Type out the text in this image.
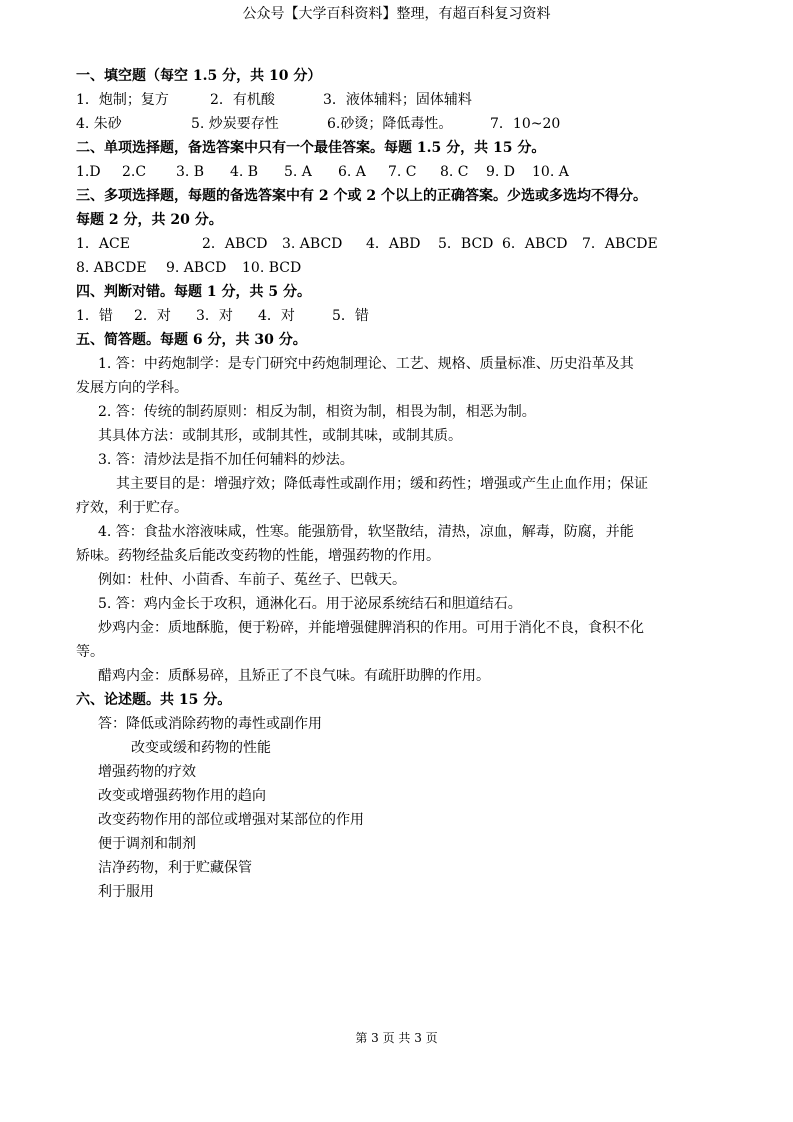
公众号【大学百科资料】整理，有超百科复习资料
一、填空题（每空 1.5 分，共 10 分）
1．炮制；复方	2．有机酸	3．液体辅料；固体辅料
4. 朱砂	5. 炒炭要存性	6.砂烫；降低毒性。	7．10~20
二、单项选择题，备选答案中只有一个最佳答案。每题 1.5 分，共 15 分。
1.D 2.C 3. B 4. B 5. A 6. A 7. C 8. C 9. D 10. A
三、多项选择题，每题的备选答案中有 2 个或 2 个以上的正确答案。少选或多选均不得分。
每题 2 分，共 20 分。
1．ACE	2．ABCD 3. ABCD 4．ABD 5．BCD 6．ABCD 7．ABCDE
8. ABCDE 9. ABCD 10. BCD
四、判断对错。每题 1 分，共 5 分。
1．错 2．对 3．对 4．对	5．错
五、简答题。每题 6 分，共 30 分。
1. 答：中药炮制学：是专门研究中药炮制理论、工艺、规格、质量标准、历史沿革及其
发展方向的学科。
2. 答：传统的制药原则：相反为制，相资为制，相畏为制，相恶为制。
其具体方法：或制其形，或制其性，或制其味，或制其质。
3. 答：清炒法是指不加任何辅料的炒法。
其主要目的是：增强疗效；降低毒性或副作用；缓和药性；增强或产生止血作用；保证
疗效，利于贮存。
4. 答：食盐水溶液味咸，性寒。能强筋骨，软坚散结，清热，凉血，解毒，防腐，并能
矫味。药物经盐炙后能改变药物的性能，增强药物的作用。
例如：杜仲、小茴香、车前子、菟丝子、巴戟天。
5. 答：鸡内金长于攻积，通淋化石。用于泌尿系统结石和胆道结石。
炒鸡内金：质地酥脆，便于粉碎，并能增强健脾消积的作用。可用于消化不良，食积不化
等。
醋鸡内金：质酥易碎，且矫正了不良气味。有疏肝助脾的作用。
六、论述题。共 15 分。
答：降低或消除药物的毒性或副作用
改变或缓和药物的性能
增强药物的疗效
改变或增强药物作用的趋向
改变药物作用的部位或增强对某部位的作用
便于调剂和制剂
洁净药物，利于贮藏保管
利于服用
第 3 页 共 3 页
